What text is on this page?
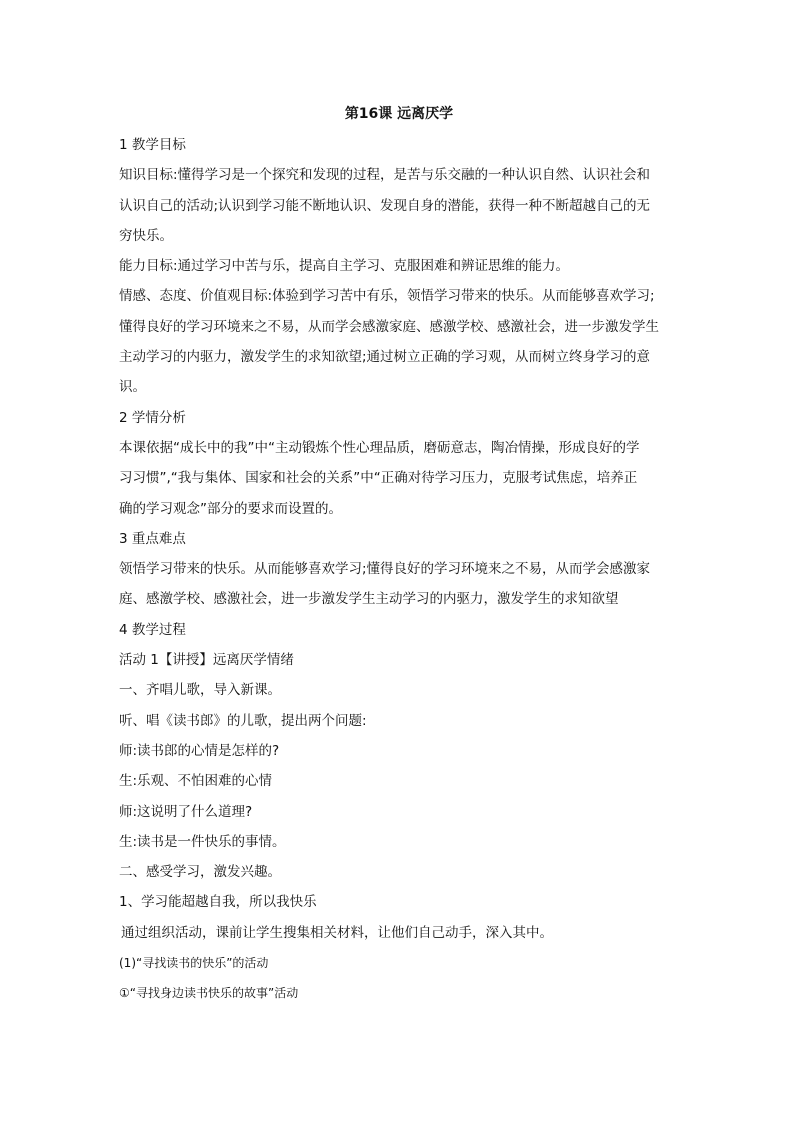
第16课 远离厌学
1 教学目标
知识目标:懂得学习是一个探究和发现的过程，是苦与乐交融的一种认识自然、认识社会和
认识自己的活动;认识到学习能不断地认识、发现自身的潜能，获得一种不断超越自己的无
穷快乐。
能力目标:通过学习中苦与乐，提高自主学习、克服困难和辨证思维的能力。
情感、态度、价值观目标:体验到学习苦中有乐，领悟学习带来的快乐。从而能够喜欢学习;
懂得良好的学习环境来之不易，从而学会感激家庭、感激学校、感激社会，进一步激发学生
主动学习的内驱力，激发学生的求知欲望;通过树立正确的学习观，从而树立终身学习的意
识。
2 学情分析
本课依据“成长中的我”中“主动锻炼个性心理品质，磨砺意志，陶冶情操，形成良好的学
习习惯”,“我与集体、国家和社会的关系”中“正确对待学习压力，克服考试焦虑，培养正
确的学习观念”部分的要求而设置的。
3 重点难点
领悟学习带来的快乐。从而能够喜欢学习;懂得良好的学习环境来之不易，从而学会感激家
庭、感激学校、感激社会，进一步激发学生主动学习的内驱力，激发学生的求知欲望
4 教学过程
活动 1【讲授】远离厌学情绪
一、齐唱儿歌，导入新课。
听、唱《读书郎》的儿歌，提出两个问题:
师:读书郎的心情是怎样的?
生:乐观、不怕困难的心情
师:这说明了什么道理?
生:读书是一件快乐的事情。
二、感受学习，激发兴趣。
1、学习能超越自我，所以我快乐
通过组织活动，课前让学生搜集相关材料，让他们自己动手，深入其中。
(1)“寻找读书的快乐”的活动
①“寻找身边读书快乐的故事”活动
